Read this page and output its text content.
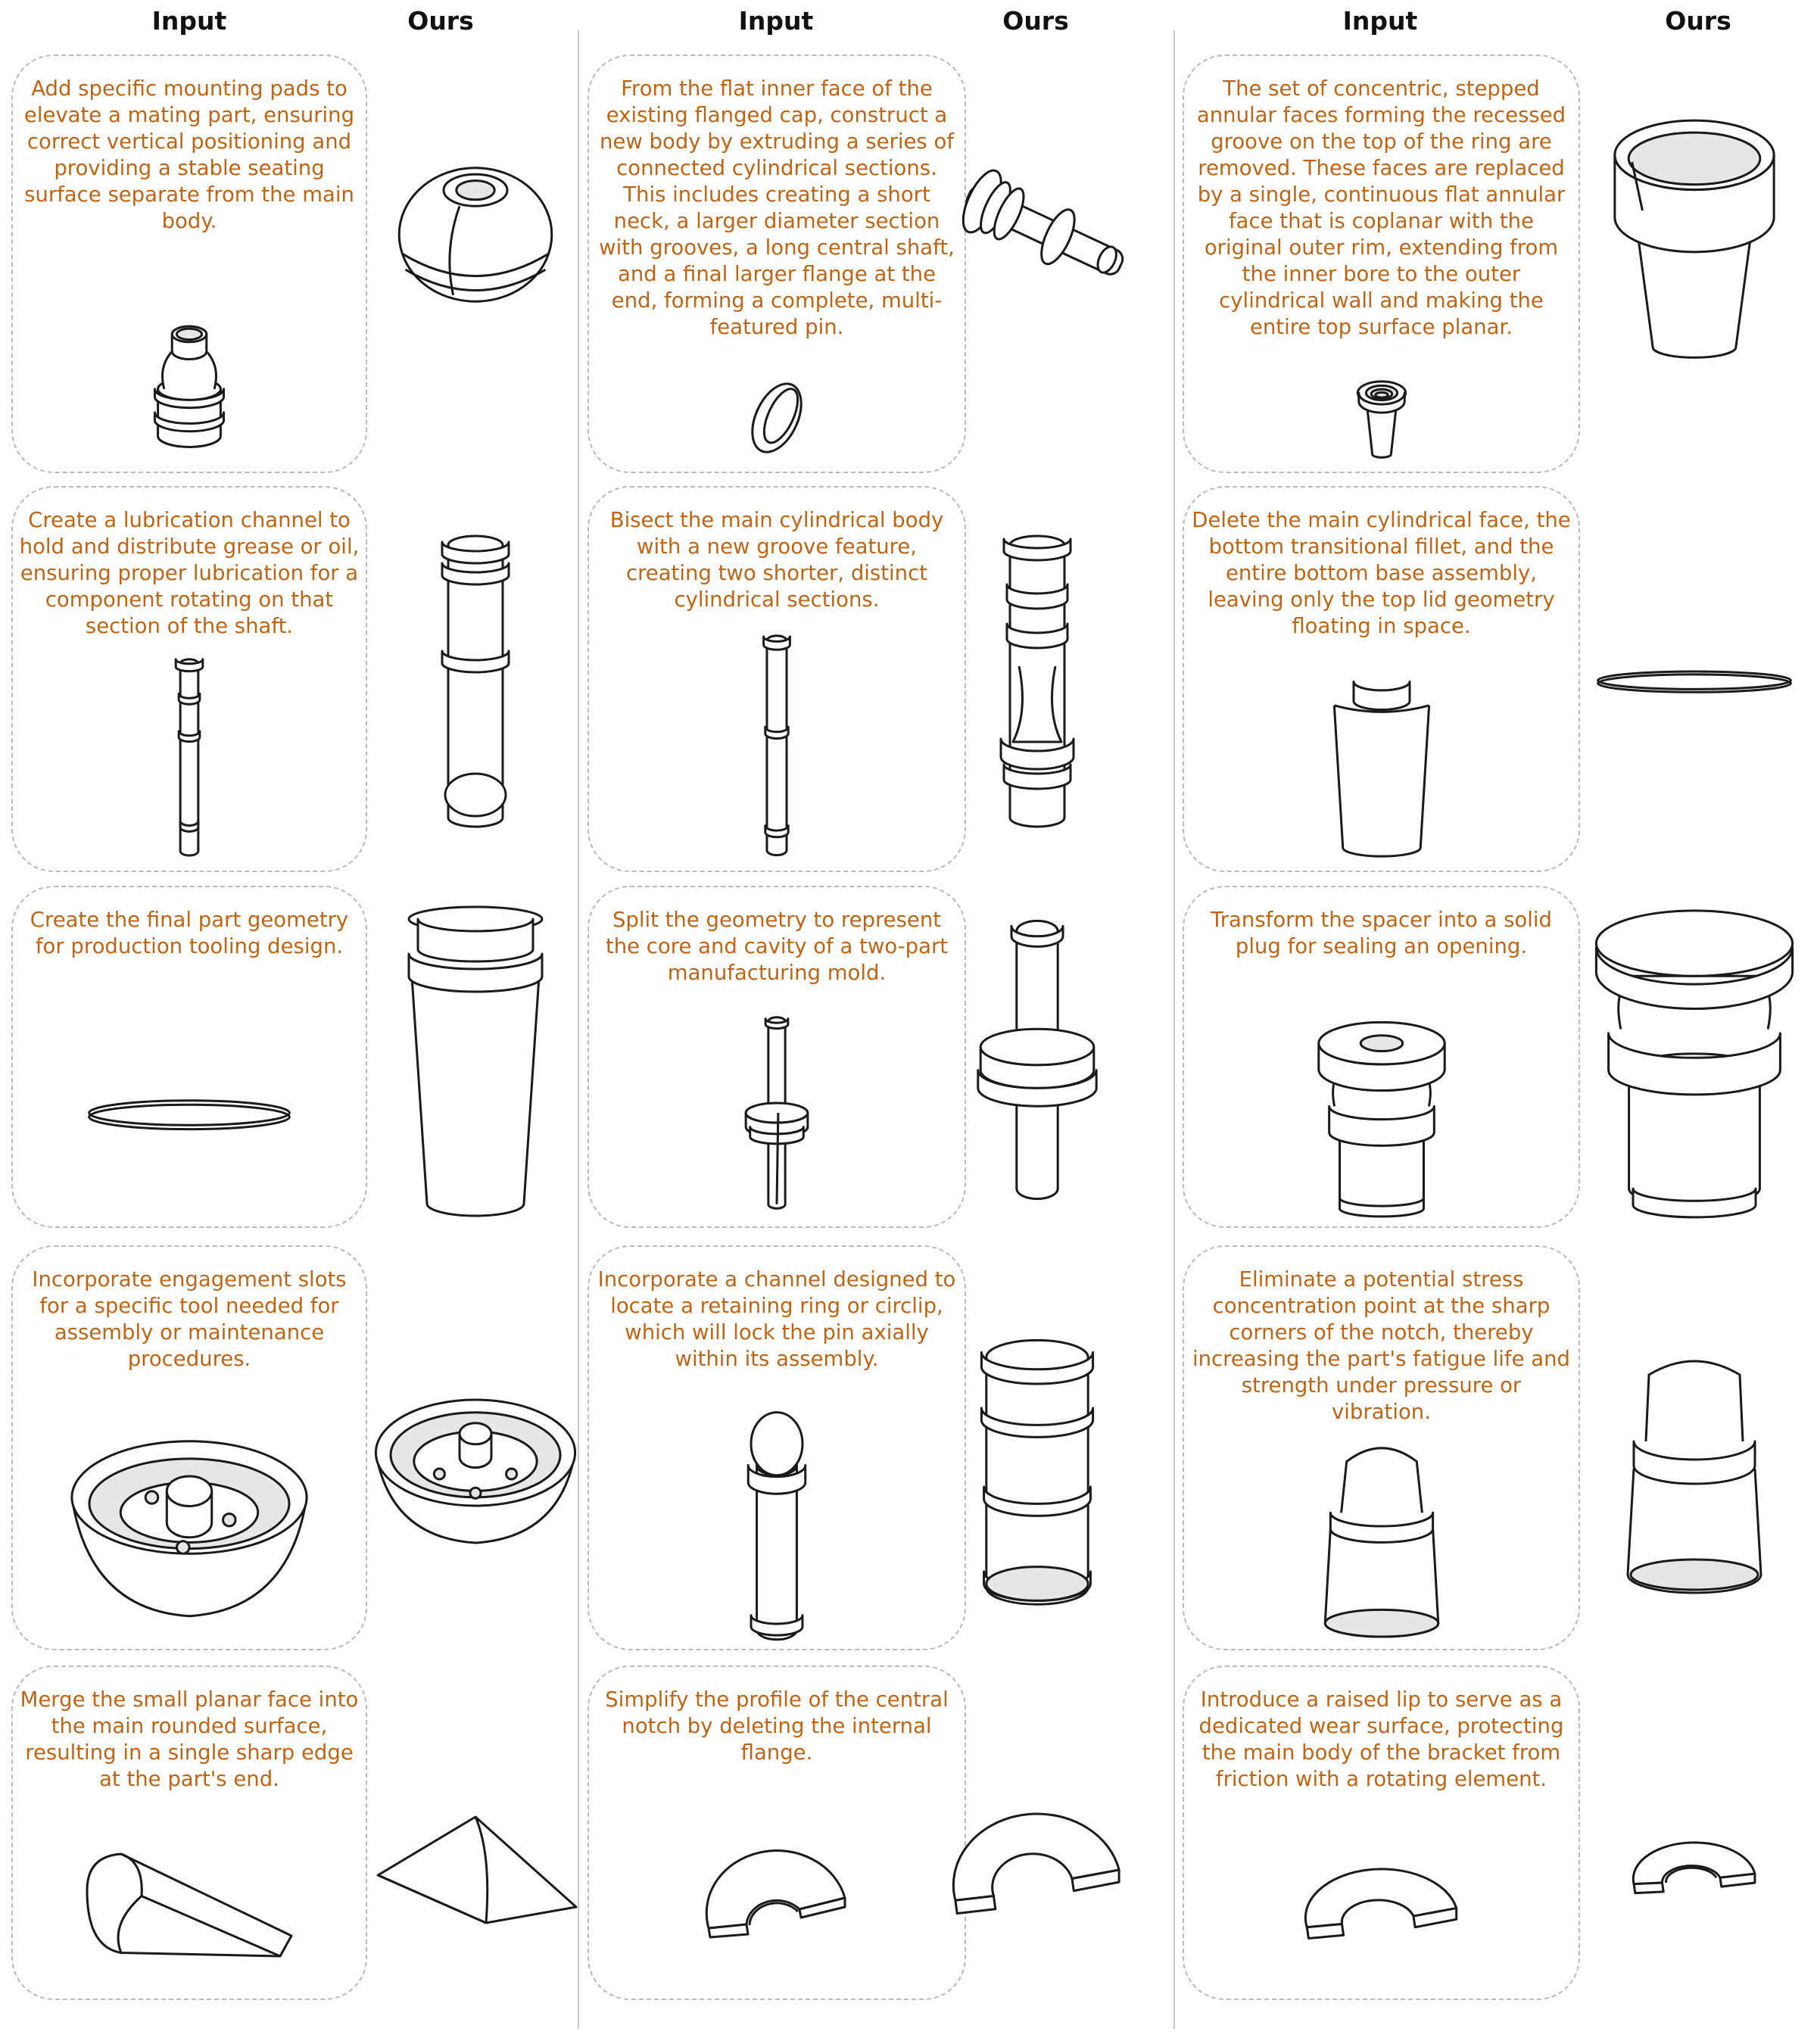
Input	Ours	Input	Ours	Input	Ours
Add specific mounting pads to elevate a mating part, ensuring correct vertical positioning and providing a stable seating surface separate from the main body.
Create a lubrication channel to hold and distribute grease or oil, ensuring proper lubrication for a component rotating on that section of the shaft.
Create the final part geometry for production tooling design.
Incorporate engagement slots for a specific tool needed for assembly or maintenance procedures.
Merge the small planar face into the main rounded surface, resulting in a single sharp edge at the part's end.
From the flat inner face of the existing flanged cap, construct a new body by extruding a series of connected cylindrical sections. This includes creating a short neck, a larger diameter section with grooves, a long central shaft, and a final larger flange at the end, forming a complete, multi-featured pin.
Bisect the main cylindrical body with a new groove feature, creating two shorter, distinct cylindrical sections.
Split the geometry to represent the core and cavity of a two-part manufacturing mold.
Incorporate a channel designed to locate a retaining ring or circlip, which will lock the pin axially within its assembly.
Simplify the profile of the central notch by deleting the internal flange.
The set of concentric, stepped annular faces forming the recessed groove on the top of the ring are removed. These faces are replaced by a single, continuous flat annular face that is coplanar with the original outer rim, extending from the inner bore to the outer cylindrical wall and making the entire top surface planar.
Delete the main cylindrical face, the bottom transitional fillet, and the entire bottom base assembly, leaving only the top lid geometry floating in space.
Transform the spacer into a solid plug for sealing an opening.
Eliminate a potential stress concentration point at the sharp corners of the notch, thereby increasing the part's fatigue life and strength under pressure or vibration.
Introduce a raised lip to serve as a dedicated wear surface, protecting the main body of the bracket from friction with a rotating element.
